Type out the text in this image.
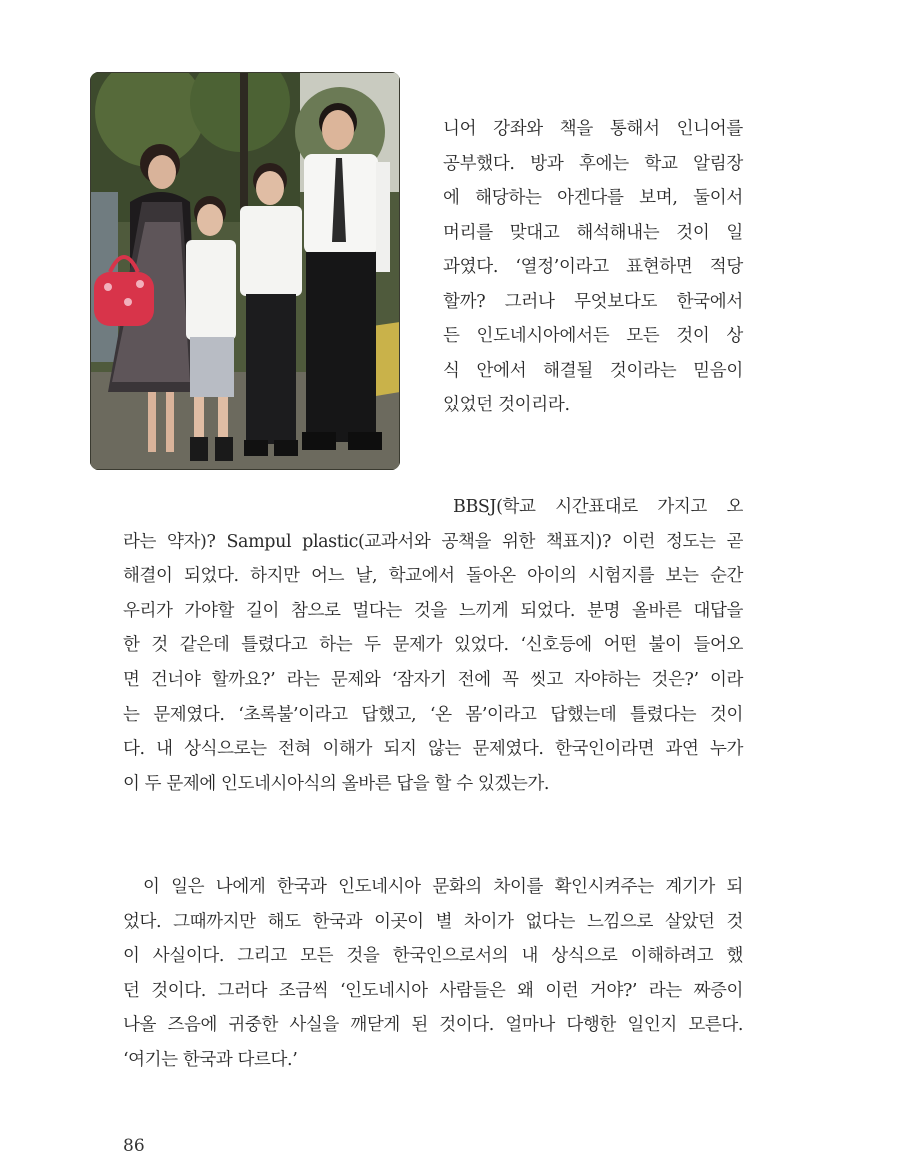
니어 강좌와 책을 통해서 인니어를
공부했다. 방과 후에는 학교 알림장
에 해당하는 아겐다를 보며, 둘이서
머리를 맞대고 해석해내는 것이 일
과였다. ‘열정’이라고 표현하면 적당
할까? 그러나 무엇보다도 한국에서
든 인도네시아에서든 모든 것이 상
식 안에서 해결될 것이라는 믿음이
있었던 것이리라.
BBSJ(학교 시간표대로 가지고 오
라는 약자)? Sampul plastic(교과서와 공책을 위한 책표지)? 이런 정도는 곧
해결이 되었다. 하지만 어느 날, 학교에서 돌아온 아이의 시험지를 보는 순간
우리가 가야할 길이 참으로 멀다는 것을 느끼게 되었다. 분명 올바른 대답을
한 것 같은데 틀렸다고 하는 두 문제가 있었다. ‘신호등에 어떤 불이 들어오
면 건너야 할까요?’ 라는 문제와 ‘잠자기 전에 꼭 씻고 자야하는 것은?’ 이라
는 문제였다. ‘초록불’이라고 답했고, ‘온 몸’이라고 답했는데 틀렸다는 것이
다. 내 상식으로는 전혀 이해가 되지 않는 문제였다. 한국인이라면 과연 누가
이 두 문제에 인도네시아식의 올바른 답을 할 수 있겠는가.
이 일은 나에게 한국과 인도네시아 문화의 차이를 확인시켜주는 계기가 되
었다. 그때까지만 해도 한국과 이곳이 별 차이가 없다는 느낌으로 살았던 것
이 사실이다. 그리고 모든 것을 한국인으로서의 내 상식으로 이해하려고 했
던 것이다. 그러다 조금씩 ‘인도네시아 사람들은 왜 이런 거야?’ 라는 짜증이
나올 즈음에 귀중한 사실을 깨닫게 된 것이다. 얼마나 다행한 일인지 모른다.
‘여기는 한국과 다르다.’
86
